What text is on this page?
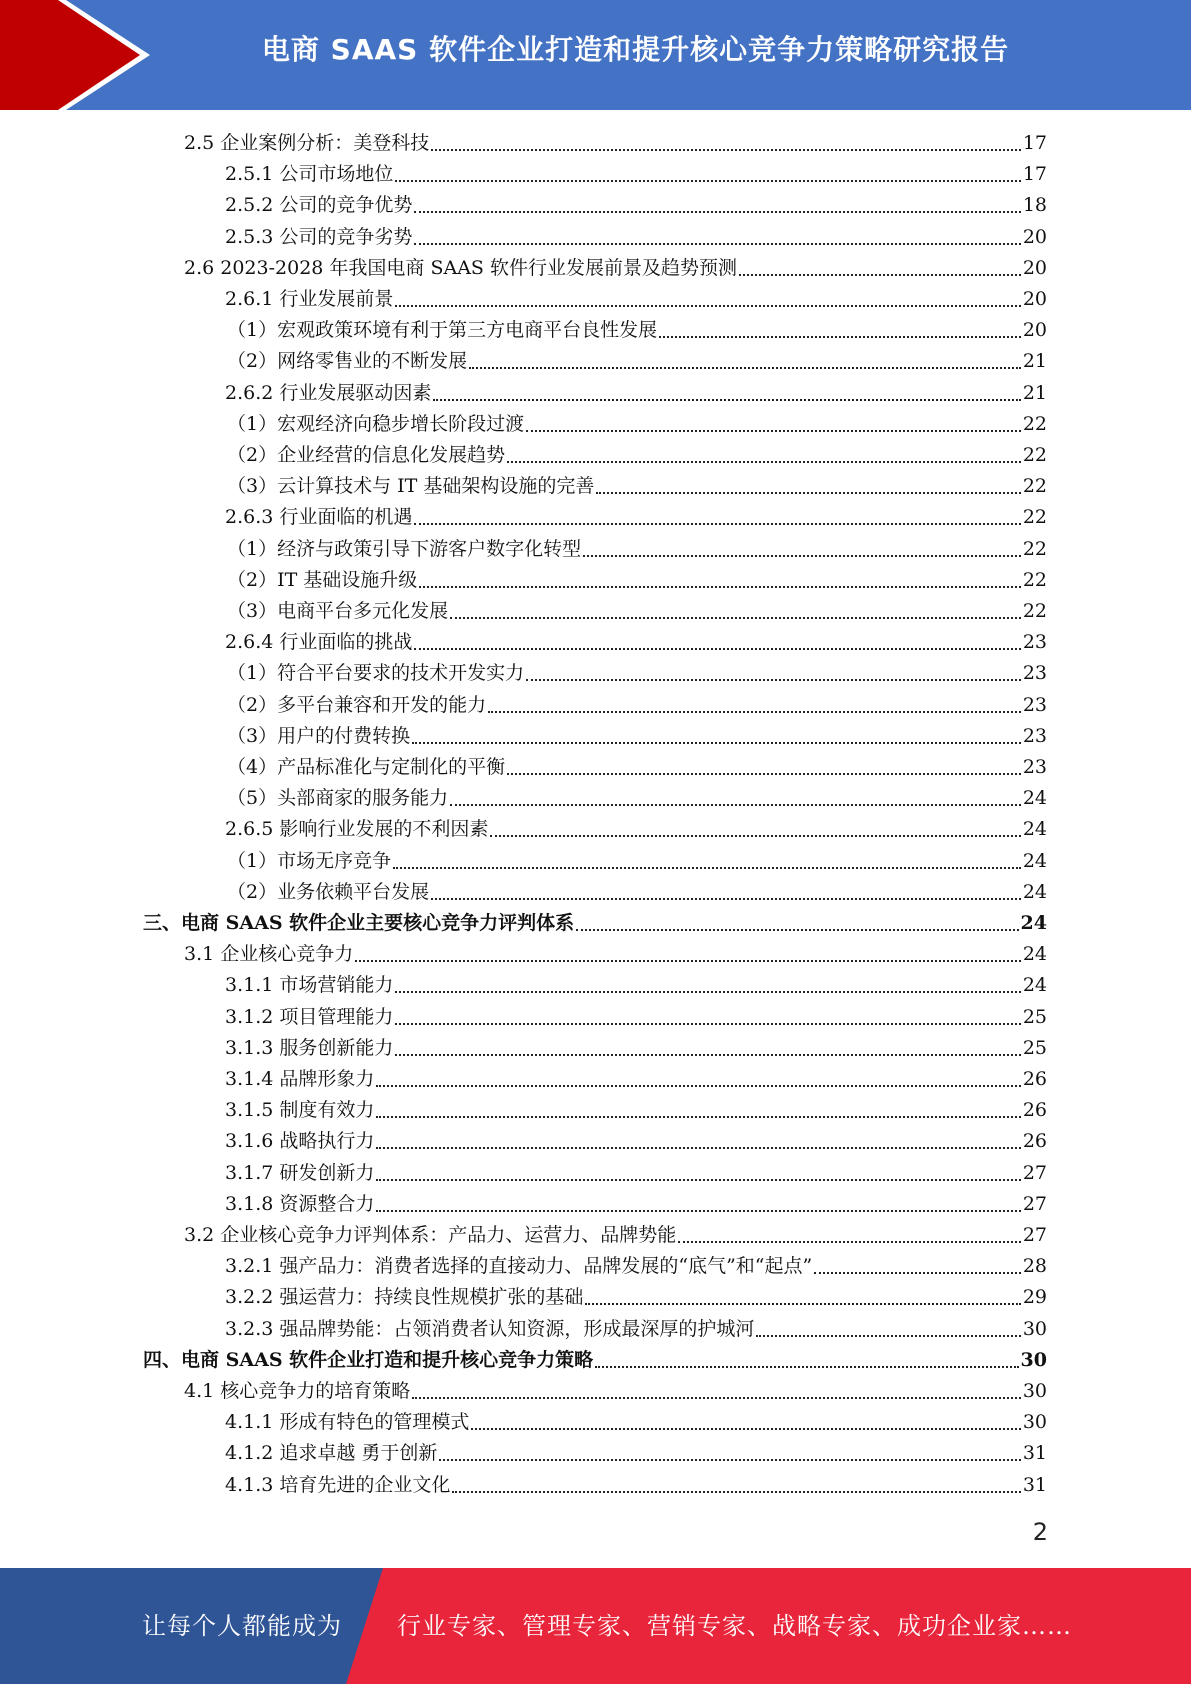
电商 SAAS 软件企业打造和提升核心竞争力策略研究报告
2.5 企业案例分析：美登科技	17
2.5.1 公司市场地位	17
2.5.2 公司的竞争优势	18
2.5.3 公司的竞争劣势	20
2.6 2023-2028 年我国电商 SAAS 软件行业发展前景及趋势预测	20
2.6.1 行业发展前景	20
（1）宏观政策环境有利于第三方电商平台良性发展	20
（2）网络零售业的不断发展	21
2.6.2 行业发展驱动因素	21
（1）宏观经济向稳步增长阶段过渡	22
（2）企业经营的信息化发展趋势	22
（3）云计算技术与 IT 基础架构设施的完善	22
2.6.3 行业面临的机遇	22
（1）经济与政策引导下游客户数字化转型	22
（2）IT 基础设施升级	22
（3）电商平台多元化发展	22
2.6.4 行业面临的挑战	23
（1）符合平台要求的技术开发实力	23
（2）多平台兼容和开发的能力	23
（3）用户的付费转换	23
（4）产品标准化与定制化的平衡	23
（5）头部商家的服务能力	24
2.6.5 影响行业发展的不利因素	24
（1）市场无序竞争	24
（2）业务依赖平台发展	24
三、电商 SAAS 软件企业主要核心竞争力评判体系	24
3.1 企业核心竞争力	24
3.1.1 市场营销能力	24
3.1.2 项目管理能力	25
3.1.3 服务创新能力	25
3.1.4 品牌形象力	26
3.1.5 制度有效力	26
3.1.6 战略执行力	26
3.1.7 研发创新力	27
3.1.8 资源整合力	27
3.2 企业核心竞争力评判体系：产品力、运营力、品牌势能	27
3.2.1 强产品力：消费者选择的直接动力、品牌发展的“底气”和“起点”	28
3.2.2 强运营力：持续良性规模扩张的基础	29
3.2.3 强品牌势能：占领消费者认知资源，形成最深厚的护城河	30
四、电商 SAAS 软件企业打造和提升核心竞争力策略	30
4.1 核心竞争力的培育策略	30
4.1.1 形成有特色的管理模式	30
4.1.2 追求卓越 勇于创新	31
4.1.3 培育先进的企业文化	31
2
让每个人都能成为 行业专家、管理专家、营销专家、战略专家、成功企业家……
